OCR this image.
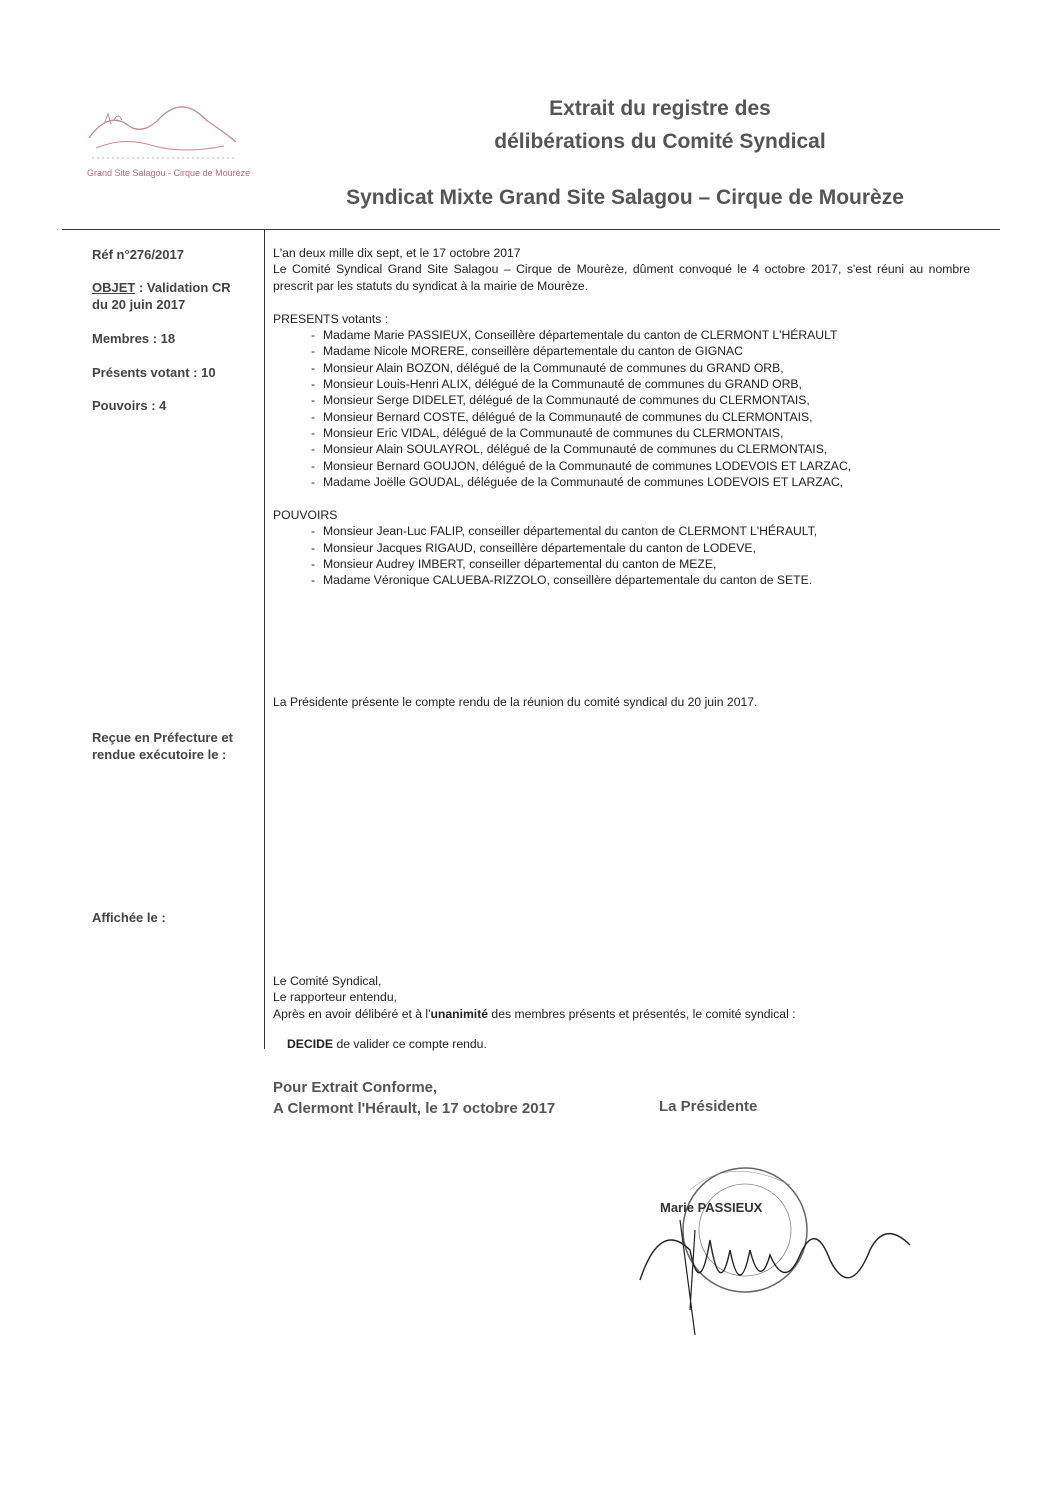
Grand Site Salagou - Cirque de Mourèze
Extrait du registre des
délibérations du Comité Syndical
Syndicat Mixte Grand Site Salagou – Cirque de Mourèze
Réf n°276/2017
OBJET : Validation CR
du 20 juin 2017
Membres : 18
Présents votant : 10
Pouvoirs : 4
Reçue en Préfecture et
rendue exécutoire le :
Affichée le :
L'an deux mille dix sept, et le 17 octobre 2017
Le Comité Syndical Grand Site Salagou – Cirque de Mourèze, dûment convoqué le 4 octobre 2017, s'est réuni au nombre prescrit par les statuts du syndicat à la mairie de Mourèze.
PRESENTS votants :
- Madame Marie PASSIEUX, Conseillère départementale du canton de CLERMONT L'HÉRAULT
- Madame Nicole MORERE, conseillère départementale du canton de GIGNAC
- Monsieur Alain BOZON, délégué de la Communauté de communes du GRAND ORB,
- Monsieur Louis-Henri ALIX, délégué de la Communauté de communes du GRAND ORB,
- Monsieur Serge DIDELET, délégué de la Communauté de communes du CLERMONTAIS,
- Monsieur Bernard COSTE, délégué de la Communauté de communes du CLERMONTAIS,
- Monsieur Eric VIDAL, délégué de la Communauté de communes du CLERMONTAIS,
- Monsieur Alain SOULAYROL, délégué de la Communauté de communes du CLERMONTAIS,
- Monsieur Bernard GOUJON, délégué de la Communauté de communes LODEVOIS ET LARZAC,
- Madame Joëlle GOUDAL, déléguée de la Communauté de communes LODEVOIS ET LARZAC,
POUVOIRS
- Monsieur Jean-Luc FALIP, conseiller départemental du canton de CLERMONT L'HÉRAULT,
- Monsieur Jacques RIGAUD, conseillère départementale du canton de LODEVE,
- Monsieur Audrey IMBERT, conseiller départemental du canton de MEZE,
- Madame Véronique CALUEBA-RIZZOLO, conseillère départementale du canton de SETE.
La Présidente présente le compte rendu de la réunion du comité syndical du 20 juin 2017.
Le Comité Syndical,
Le rapporteur entendu,
Après en avoir délibéré et à l'unanimité des membres présents et présentés, le comité syndical :
DECIDE de valider ce compte rendu.
Pour Extrait Conforme,
A Clermont l'Hérault, le 17 octobre 2017	La Présidente
Marie PASSIEUX
